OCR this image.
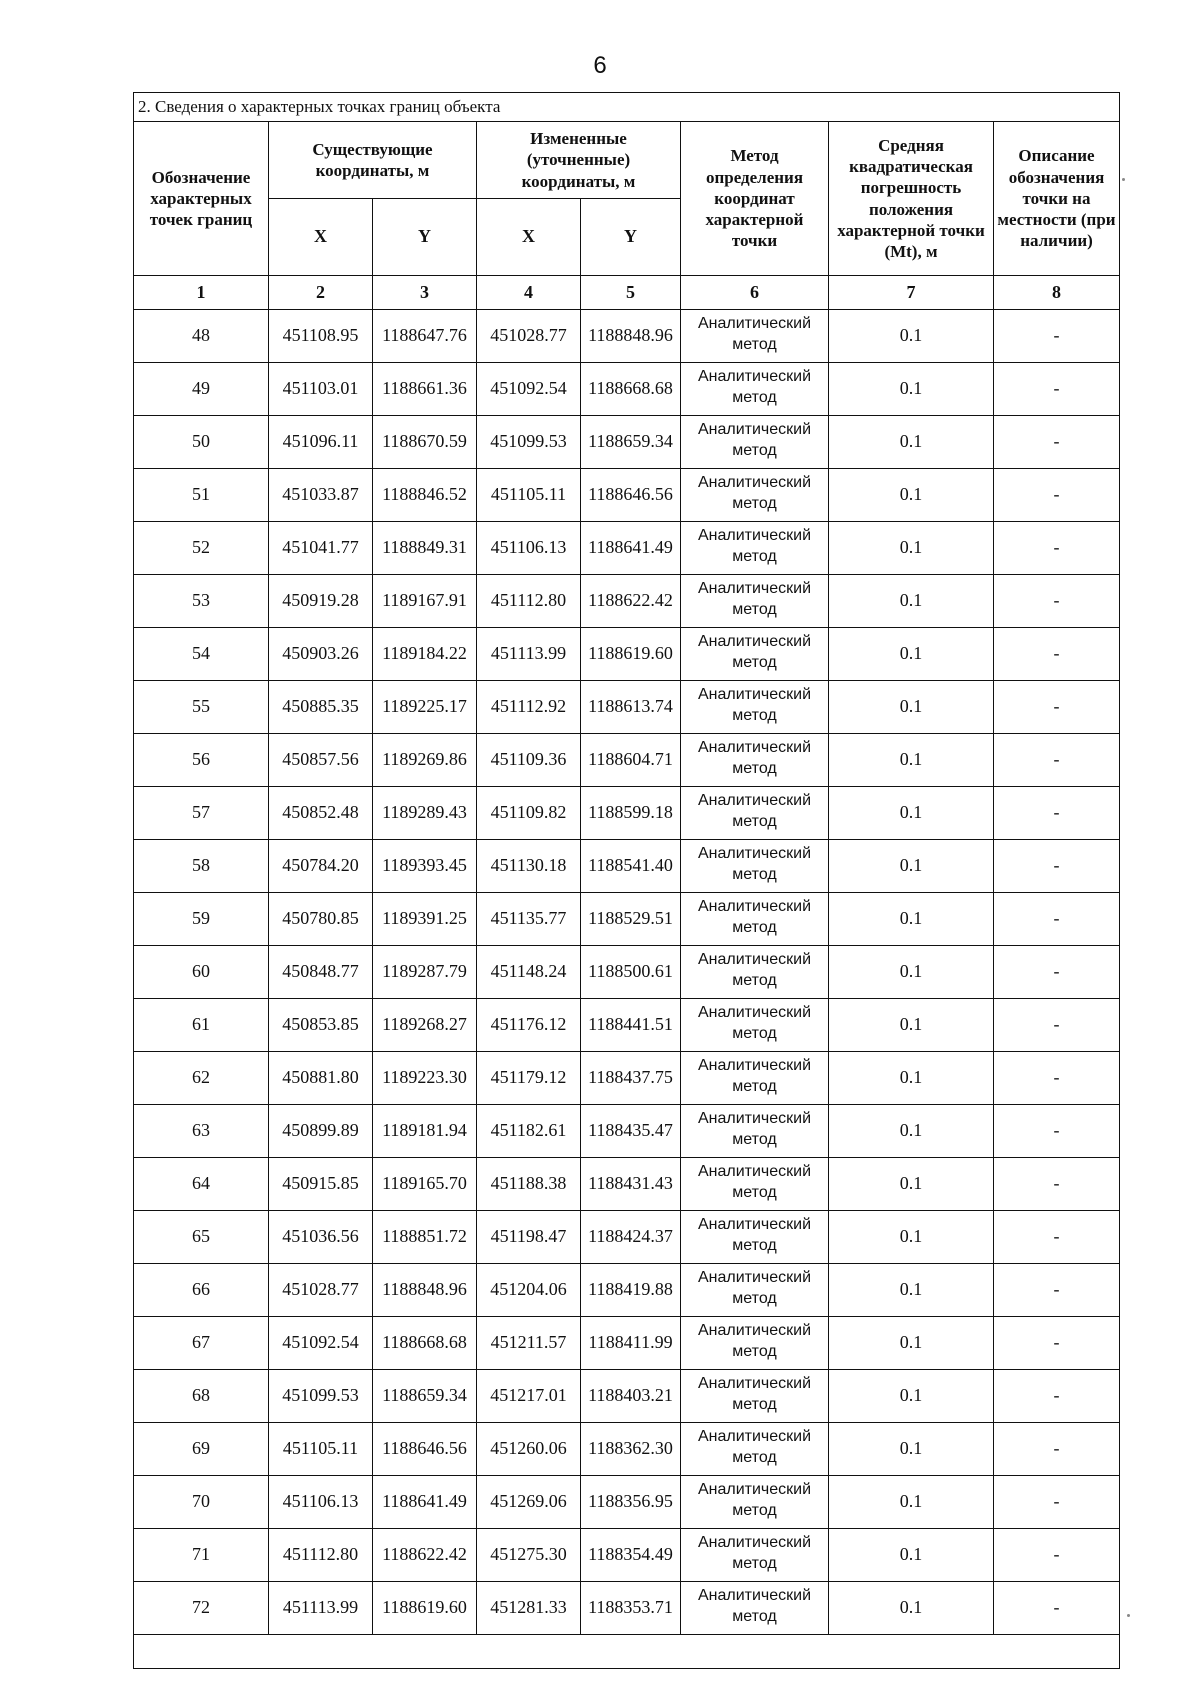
6
2. Сведения о характерных точках границ объекта							
Обозначение характерных точек границ	Существующие координаты, м		Измененные (уточненные) координаты, м		Метод определения координат характерной точки	Средняя квадратическая погрешность положения характерной точки (Mt), м	Описание обозначения точки на местности (при наличии)
	X	Y	X	Y			
1	2	3	4	5	6	7	8
48	451108.95	1188647.76	451028.77	1188848.96	Аналитический метод	0.1	-
49	451103.01	1188661.36	451092.54	1188668.68	Аналитический метод	0.1	-
50	451096.11	1188670.59	451099.53	1188659.34	Аналитический метод	0.1	-
51	451033.87	1188846.52	451105.11	1188646.56	Аналитический метод	0.1	-
52	451041.77	1188849.31	451106.13	1188641.49	Аналитический метод	0.1	-
53	450919.28	1189167.91	451112.80	1188622.42	Аналитический метод	0.1	-
54	450903.26	1189184.22	451113.99	1188619.60	Аналитический метод	0.1	-
55	450885.35	1189225.17	451112.92	1188613.74	Аналитический метод	0.1	-
56	450857.56	1189269.86	451109.36	1188604.71	Аналитический метод	0.1	-
57	450852.48	1189289.43	451109.82	1188599.18	Аналитический метод	0.1	-
58	450784.20	1189393.45	451130.18	1188541.40	Аналитический метод	0.1	-
59	450780.85	1189391.25	451135.77	1188529.51	Аналитический метод	0.1	-
60	450848.77	1189287.79	451148.24	1188500.61	Аналитический метод	0.1	-
61	450853.85	1189268.27	451176.12	1188441.51	Аналитический метод	0.1	-
62	450881.80	1189223.30	451179.12	1188437.75	Аналитический метод	0.1	-
63	450899.89	1189181.94	451182.61	1188435.47	Аналитический метод	0.1	-
64	450915.85	1189165.70	451188.38	1188431.43	Аналитический метод	0.1	-
65	451036.56	1188851.72	451198.47	1188424.37	Аналитический метод	0.1	-
66	451028.77	1188848.96	451204.06	1188419.88	Аналитический метод	0.1	-
67	451092.54	1188668.68	451211.57	1188411.99	Аналитический метод	0.1	-
68	451099.53	1188659.34	451217.01	1188403.21	Аналитический метод	0.1	-
69	451105.11	1188646.56	451260.06	1188362.30	Аналитический метод	0.1	-
70	451106.13	1188641.49	451269.06	1188356.95	Аналитический метод	0.1	-
71	451112.80	1188622.42	451275.30	1188354.49	Аналитический метод	0.1	-
72	451113.99	1188619.60	451281.33	1188353.71	Аналитический метод	0.1	-
